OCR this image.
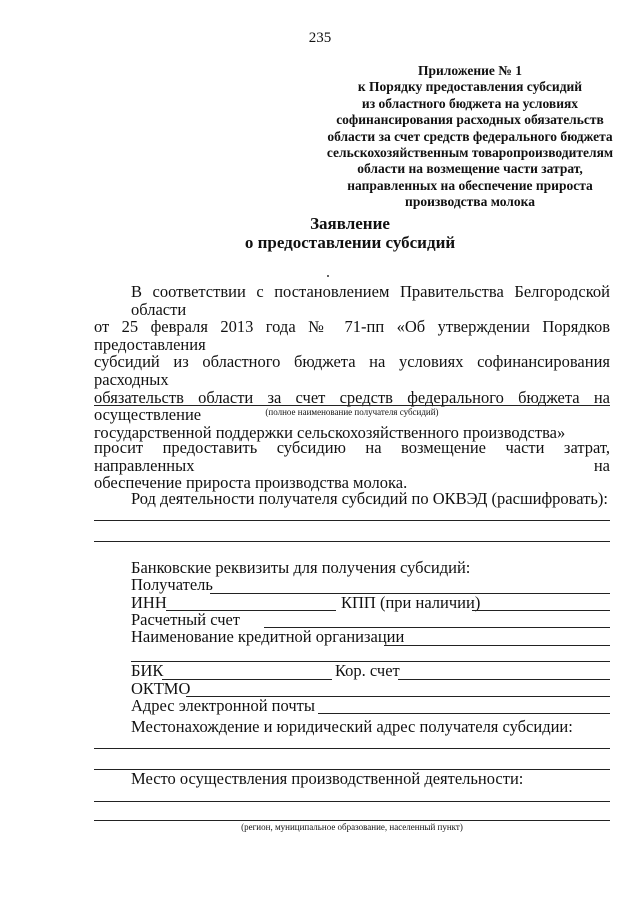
235
Приложение № 1
к Порядку предоставления субсидий
из областного бюджета на условиях
софинансирования расходных обязательств
области за счет средств федерального бюджета
сельскохозяйственным товаропроизводителям
области на возмещение части затрат,
направленных на обеспечение прироста
производства молока
Заявление
о предоставлении субсидий
В соответствии с постановлением Правительства Белгородской области
от 25 февраля 2013 года № 71-пп «Об утверждении Порядков предоставления
субсидий из областного бюджета на условиях софинансирования расходных
обязательств области за счет средств федерального бюджета на осуществление
государственной поддержки сельскохозяйственного производства»
(полное наименование получателя субсидий)
просит предоставить субсидию на возмещение части затрат, направленных на
обеспечение прироста производства молока.
Род деятельности получателя субсидий по ОКВЭД (расшифровать):
Банковские реквизиты для получения субсидий:
Получатель
ИНН	КПП (при наличии)
Расчетный счет
Наименование кредитной организации
БИК	Кор. счет
ОКТМО
Адрес электронной почты
Местонахождение и юридический адрес получателя субсидии:
Место осуществления производственной деятельности:
(регион, муниципальное образование, населенный пункт)
